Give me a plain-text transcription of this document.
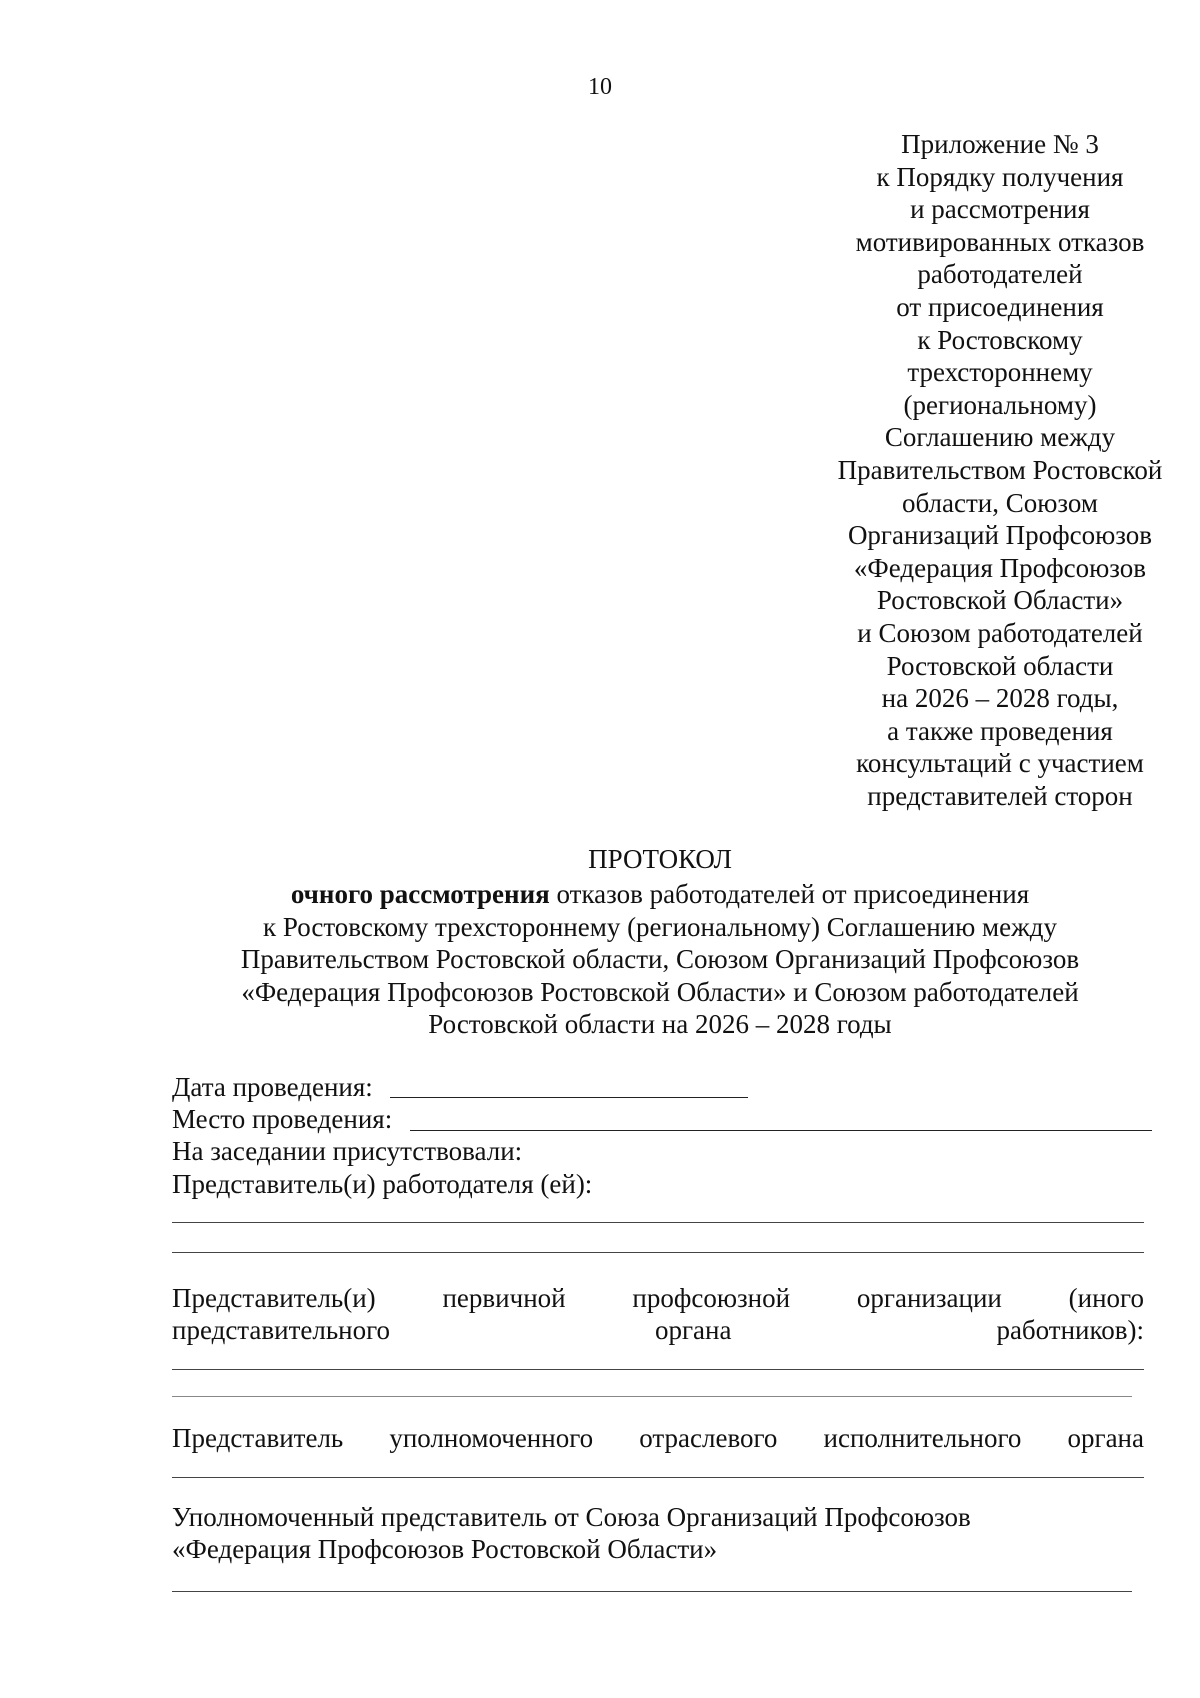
10
Приложение № 3
к Порядку получения
и рассмотрения
мотивированных отказов
работодателей
от присоединения
к Ростовскому
трехстороннему
(региональному)
Соглашению между
Правительством Ростовской
области, Союзом
Организаций Профсоюзов
«Федерация Профсоюзов
Ростовской Области»
и Союзом работодателей
Ростовской области
на 2026 – 2028 годы,
а также проведения
консультаций с участием
представителей сторон
ПРОТОКОЛ
очного рассмотрения отказов работодателей от присоединения
к Ростовскому трехстороннему (региональному) Соглашению между
Правительством Ростовской области, Союзом Организаций Профсоюзов
«Федерация Профсоюзов Ростовской Области» и Союзом работодателей
Ростовской области на 2026 – 2028 годы
Дата проведения:
Место проведения:
На заседании присутствовали:
Представитель(и) работодателя (ей):
Представитель(и) первичной профсоюзной организации (иного
представительного	органа	работников):
Представитель уполномоченного отраслевого исполнительного органа
Уполномоченный представитель от Союза Организаций Профсоюзов
«Федерация Профсоюзов Ростовской Области»
